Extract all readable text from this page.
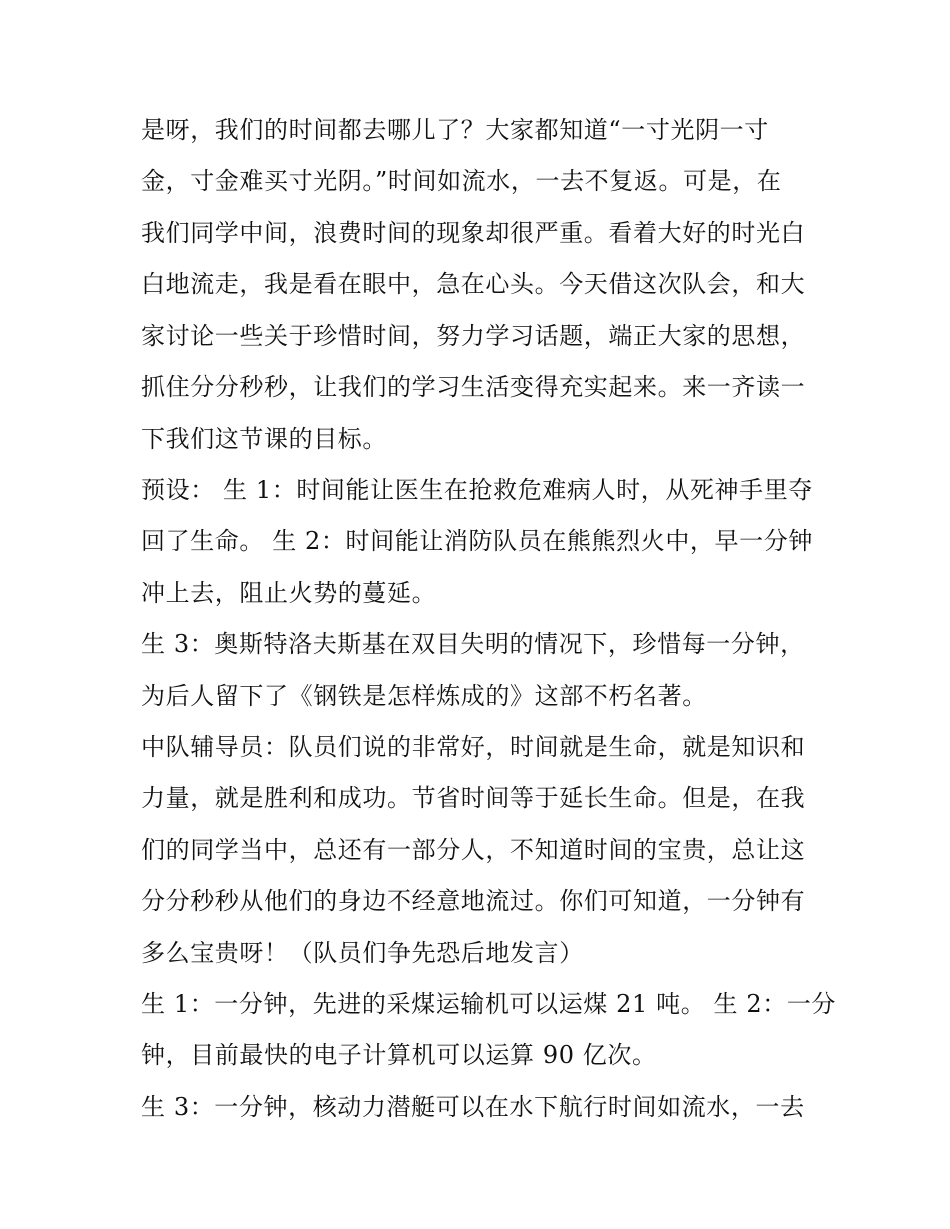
是呀，我们的时间都去哪儿了？大家都知道“一寸光阴一寸
金，寸金难买寸光阴。”时间如流水，一去不复返。可是，在
我们同学中间，浪费时间的现象却很严重。看着大好的时光白
白地流走，我是看在眼中，急在心头。今天借这次队会，和大
家讨论一些关于珍惜时间，努力学习话题，端正大家的思想，
抓住分分秒秒，让我们的学习生活变得充实起来。来一齐读一
下我们这节课的目标。
预设： 生 1：时间能让医生在抢救危难病人时，从死神手里夺
回了生命。 生 2：时间能让消防队员在熊熊烈火中，早一分钟
冲上去，阻止火势的蔓延。
生 3：奥斯特洛夫斯基在双目失明的情况下，珍惜每一分钟，
为后人留下了《钢铁是怎样炼成的》这部不朽名著。
中队辅导员：队员们说的非常好，时间就是生命，就是知识和
力量，就是胜利和成功。节省时间等于延长生命。但是，在我
们的同学当中，总还有一部分人，不知道时间的宝贵，总让这
分分秒秒从他们的身边不经意地流过。你们可知道，一分钟有
多么宝贵呀！（队员们争先恐后地发言）
生 1：一分钟，先进的采煤运输机可以运煤 21 吨。 生 2：一分
钟，目前最快的电子计算机可以运算 90 亿次。
生 3：一分钟，核动力潜艇可以在水下航行时间如流水，一去
